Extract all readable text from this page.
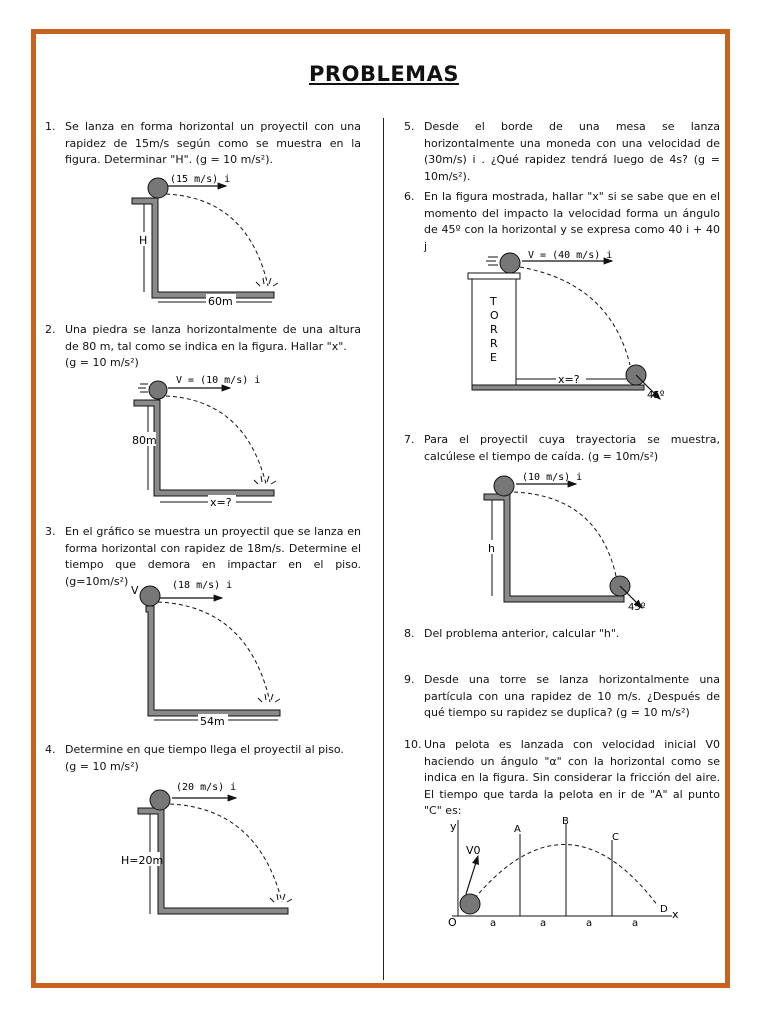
PROBLEMAS
1. Se lanza en forma horizontal un proyectil con una rapidez de 15m/s según como se muestra en la figura. Determinar "H". (g = 10 m/s²).

(15 m/s) i
H
60m
2. Una piedra se lanza horizontalmente de una altura de 80 m, tal como se indica en la figura. Hallar "x".

(g = 10 m/s²)

V = (10 m/s) i
80m
x=?
3. En el gráfico se muestra un proyectil que se lanza en forma horizontal con rapidez de 18m/s. Determine el tiempo que demora en impactar en el piso. (g=10m/s²)

V	(18 m/s) i
54m
4. Determine en que tiempo llega el proyectil al piso.

(g = 10 m/s²)

(20 m/s) i
H=20m
5. Desde el borde de una mesa se lanza horizontalmente una moneda con una velocidad de (30m/s) i . ¿Qué rapidez tendrá luego de 4s? (g = 10m/s²).

6. En la figura mostrada, hallar "x" si se sabe que en el momento del impacto la velocidad forma un ángulo de 45º con la horizontal y se expresa como 40 i + 40 j

V = (40 m/s) i
45º
T O R R E
x=?
7. Para el proyectil cuya trayectoria se muestra, calcúlese el tiempo de caída. (g = 10m/s²)

(10 m/s) i
45º
h
8. Del problema anterior, calcular "h".

9. Desde una torre se lanza horizontalmente una partícula con una rapidez de 10 m/s. ¿Después de qué tiempo su rapidez se duplica? (g = 10 m/s²)

10. Una pelota es lanzada con velocidad inicial V0 haciendo un ángulo "α" con la horizontal como se indica en la figura. Sin considerar la fricción del aire. El tiempo que tarda la pelota en ir de "A" al punto "C" es:

y
x
O
V0
A
B
C
D
a	a	a	a
